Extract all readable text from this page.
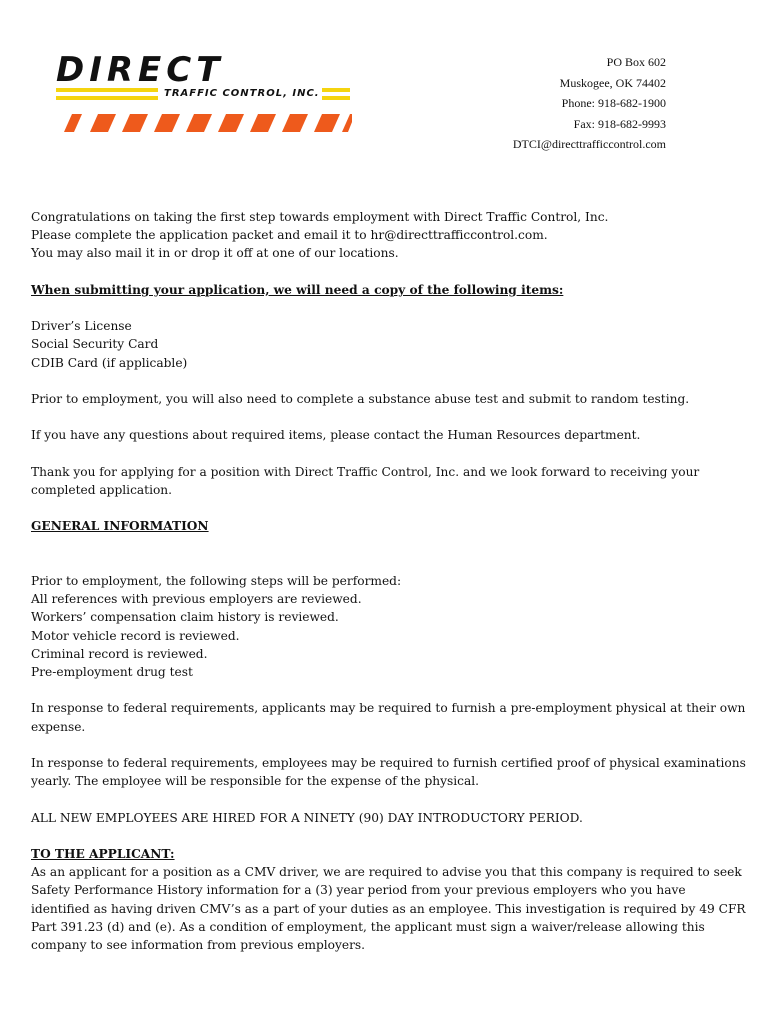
DIRECT
TRAFFIC CONTROL, INC.
PO Box 602
Muskogee, OK 74402
Phone: 918-682-1900
Fax: 918-682-9993
DTCI@directtrafficcontrol.com

Congratulations on taking the first step towards employment with Direct Traffic Control, Inc.

Please complete the application packet and email it to hr@directtrafficcontrol.com.

You may also mail it in or drop it off at one of our locations.

When submitting your application, we will need a copy of the following items:

Driver’s License

Social Security Card

CDIB Card (if applicable)

Prior to employment, you will also need to complete a substance abuse test and submit to random testing.

If you have any questions about required items, please contact the Human Resources department.

Thank you for applying for a position with Direct Traffic Control, Inc. and we look forward to receiving your completed application.

GENERAL INFORMATION

Prior to employment, the following steps will be performed:

All references with previous employers are reviewed.

Workers’ compensation claim history is reviewed.

Motor vehicle record is reviewed.

Criminal record is reviewed.

Pre-employment drug test

In response to federal requirements, applicants may be required to furnish a pre-employment physical at their own expense.

In response to federal requirements, employees may be required to furnish certified proof of physical examinations yearly. The employee will be responsible for the expense of the physical.

ALL NEW EMPLOYEES ARE HIRED FOR A NINETY (90) DAY INTRODUCTORY PERIOD.

TO THE APPLICANT:

As an applicant for a position as a CMV driver, we are required to advise you that this company is required to seek Safety Performance History information for a (3) year period from your previous employers who you have identified as having driven CMV’s as a part of your duties as an employee. This investigation is required by 49 CFR Part 391.23 (d) and (e). As a condition of employment, the applicant must sign a waiver/release allowing this company to see information from previous employers.
